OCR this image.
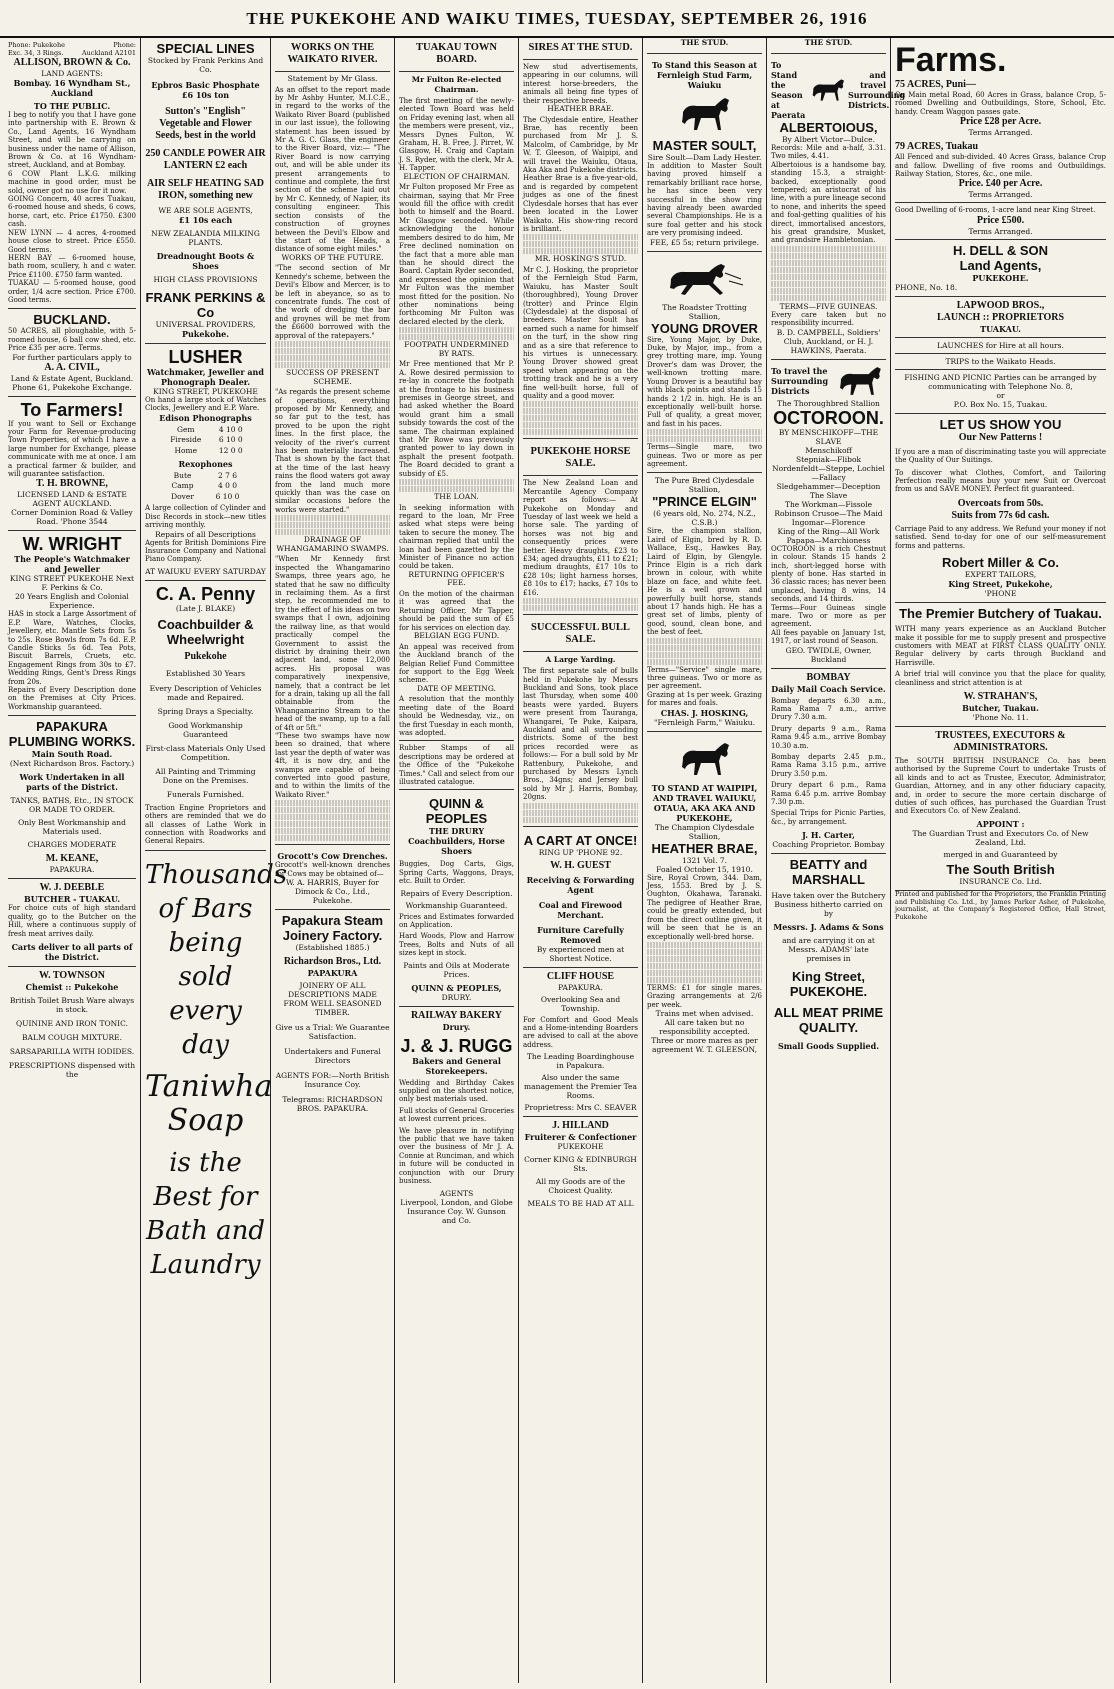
THE PUKEKOHE AND WAIKU TIMES, TUESDAY, SEPTEMBER 26, 1916
Phone: Pukekohe Exc. 34, 3 Rings.
Phone: Auckland A2101
ALLISON, BROWN & Co.
LAND AGENTS:
Bombay. 16 Wyndham St., Auckland
TO THE PUBLIC.
I beg to notify you that I have gone into partnership with E. Brown & Co., Land Agents, 16 Wyndham Street, and will be carrying on business under the name of Allison, Brown & Co. at 16 Wyndham-street, Auckland, and at Bombay.
6 COW Plant L.K.G. milking machine in good order, must be sold, owner got no use for it now.
GOING Concern, 40 acres Tuakau, 6-roomed house and sheds, 6 cows, horse, cart, etc. Price £1750. £300 cash.
NEW LYNN — 4 acres, 4-roomed house close to street. Price £550. Good terms.
HERN BAY — 6-roomed house, bath room, scullery, h and c water. Price £1100. £750 farm wanted.
TUAKAU — 5-roomed house, good order, 1/4 acre section. Price £700. Good terms.
BUCKLAND.
50 ACRES, all ploughable, with 5-roomed house, 6 ball cow shed, etc. Price £35 per acre. Terms.
For further particulars apply to
A. A. CIVIL,
Land & Estate Agent, Buckland.
Phone 61, Pukekohe Exchange.
To Farmers!
If you want to Sell or Exchange your Farm for Revenue-producing Town Properties, of which I have a large number for Exchange, please communicate with me at once. I am a practical farmer & builder, and will guarantee satisfaction.
T. H. BROWNE,
LICENSED LAND & ESTATE AGENT AUCKLAND.
Corner Dominion Road & Valley Road. 'Phone 3544
W. WRIGHT
The People's Watchmaker and Jeweller
KING STREET PUKEKOHE Next F. Perkins & Co.
20 Years English and Colonial Experience.
HAS in stock a Large Assortment of E.P. Ware, Watches, Clocks, Jewellery, etc. Mantle Sets from 5s to 25s. Rose Bowls from 7s 6d. E.P. Candle Sticks 5s 6d. Tea Pots, Biscuit Barrels, Cruets, etc. Engagement Rings from 30s to £7. Wedding Rings, Gent's Dress Rings from 20s.
Repairs of Every Description done on the Premises at City Prices. Workmanship guaranteed.
PAPAKURA PLUMBING WORKS.
Main South Road.
(Next Richardson Bros. Factory.)
Work Undertaken in all parts of the District.
TANKS, BATHS, Etc., IN STOCK OR MADE TO ORDER.
Only Best Workmanship and Materials used.
CHARGES MODERATE
M. KEANE,
PAPAKURA.
W. J. DEEBLE
BUTCHER - TUAKAU.
For choice cuts of high standard quality, go to the Butcher on the Hill, where a continuous supply of fresh meat arrives daily.
Carts deliver to all parts of the District.
W. TOWNSON
Chemist :: Pukekohe
British Toilet Brush Ware always in stock.
QUININE AND IRON TONIC.
BALM COUGH MIXTURE.
SARSAPARILLA WITH IODIDES.
PRESCRIPTIONS dispensed with the
SPECIAL LINES
Stocked by Frank Perkins And Co.
Epbros Basic Phosphate £6 10s ton
Sutton's "English" Vegetable and Flower Seeds, best in the world
250 CANDLE POWER AIR LANTERN £2 each
AIR SELF HEATING SAD IRON, something new
WE ARE SOLE AGENTS,
£1 10s each
NEW ZEALANDIA MILKING PLANTS.
Dreadnought Boots & Shoes
HIGH CLASS PROVISIONS
FRANK PERKINS & Co
UNIVERSAL PROVIDERS,
Pukekohe.
LUSHER
Watchmaker, Jeweller and Phonograph Dealer.
KING STREET, PUKEKOHE
On hand a large stock of Watches Clocks, Jewellery and E.P. Ware.
Edison Phonographs
Gem	4 10 0
Fireside	6 10 0
Home	12 0 0
Rexophones
Bute	2 7 6
Camp	4 0 0
Dover	6 10 0
A large collection of Cylinder and Disc Records in stock—new titles arriving monthly.
Repairs of all Descriptions
Agents for British Dominions Fire Insurance Company and National Piano Company.
AT WAIUKU EVERY SATURDAY
C. A. Penny
(Late J. BLAKE)
Coachbuilder & Wheelwright
Pukekohe
Established 30 Years
Every Description of Vehicles made and Repaired.
Spring Drays a Specialty.
Good Workmanship Guaranteed
First-class Materials Only Used
Competition.
All Painting and Trimming Done on the Premises.
Funerals Furnished.
Traction Engine Proprietors and others are reminded that we do all classes of Lathe Work in connection with Roadworks and General Repairs.
Thousands of Bars being sold every day
Taniwha Soap
is the Best for Bath and Laundry
WORKS ON THE WAIKATO RIVER.
Statement by Mr Glass.
As an offset to the report made by Mr Ashby Hunter, M.I.C.E., in regard to the works of the Waikato River Board (published in our last issue), the following statement has been issued by Mr A. G. C. Glass, the engineer to the River Board, viz:— "The River Board is now carrying out, and will be able under its present arrangements to continue and complete, the first section of the scheme laid out by Mr C. Kennedy, of Napier, its consulting engineer. This section consists of the construction of groynes between the Devil's Elbow and the start of the Heads, a distance of some eight miles."
WORKS OF THE FUTURE.
"The second section of Mr Kennedy's scheme, between the Devil's Elbow and Mercer, is to be left in abeyance, so as to concentrate funds. The cost of the work of dredging the bar and groynes will be met from the £6600 borrowed with the approval of the ratepayers."
SUCCESS OF PRESENT SCHEME.
"As regards the present scheme of operations, everything proposed by Mr Kennedy, and so far put to the test, has proved to be upon the right lines. In the first place, the velocity of the river's current has been materially increased. That is shown by the fact that at the time of the last heavy rains the flood waters got away from the land much more quickly than was the case on similar occasions before the works were started."
DRAINAGE OF WHANGAMARINO SWAMPS.
"When Mr Kennedy first inspected the Whangamarino Swamps, three years ago, he stated that he saw no difficulty in reclaiming them. As a first step, he recommended me to try the effect of his ideas on two swamps that I own, adjoining the railway line, as that would practically compel the Government to assist the district by draining their own adjacent land, some 12,000 acres. His proposal was comparatively inexpensive, namely, that a contract be let for a drain, taking up all the fall obtainable from the Whangamarino Stream to the head of the swamp, up to a fall of 4ft or 5ft."
"These two swamps have now been so drained, that where last year the depth of water was 4ft, it is now dry, and the swamps are capable of being converted into good pasture, and to within the limits of the Waikato River."
Grocott's Cow Drenches.
Grocott's well-known drenches for Cows may be obtained of—
W. A. HARRIS, Buyer for Dimock & Co., Ltd., Pukekohe.
Papakura Steam Joinery Factory.
(Established 1885.)
Richardson Bros., Ltd.
PAPAKURA
JOINERY OF ALL DESCRIPTIONS MADE FROM WELL SEASONED TIMBER.
Give us a Trial: We Guarantee Satisfaction.
Undertakers and Funeral Directors
AGENTS FOR:—North British Insurance Coy.
Telegrams: RICHARDSON BROS. PAPAKURA.
TUAKAU TOWN BOARD.
Mr Fulton Re-elected Chairman.
The first meeting of the newly-elected Town Board was held on Friday evening last, when all the members were present, viz., Messrs Dynes Fulton, W. Graham, H. B. Free, J. Pirret, W. Glasgow, H. Craig and Captain J. S. Ryder, with the clerk, Mr A. H. Tapper.
ELECTION OF CHAIRMAN.
Mr Fulton proposed Mr Free as chairman, saying that Mr Free would fill the office with credit both to himself and the Board. Mr Glasgow seconded. While acknowledging the honour members desired to do him, Mr Free declined nomination on the fact that a more able man than he should direct the Board. Captain Ryder seconded, and expressed the opinion that Mr Fulton was the member most fitted for the position. No other nominations being forthcoming Mr Fulton was declared elected by the clerk.
FOOTPATH UNDERMINED BY RATS.
Mr Free mentioned that Mr P. A. Rowe desired permission to re-lay in concrete the footpath at the frontage to his business premises in George street, and had asked whether the Board would grant him a small subsidy towards the cost of the same. The chairman explained that Mr Rowe was previously granted power to lay down in asphalt the present footpath. The Board decided to grant a subsidy of £5.
THE LOAN.
In seeking information with regard to the loan, Mr Free asked what steps were being taken to secure the money. The chairman replied that until the loan had been gazetted by the Minister of Finance no action could be taken.
RETURNING OFFICER'S FEE.
On the motion of the chairman it was agreed that the Returning Officer, Mr Tapper, should be paid the sum of £5 for his services on election day.
BELGIAN EGG FUND.
An appeal was received from the Auckland branch of the Belgian Relief Fund Committee for support to the Egg Week scheme.
DATE OF MEETING.
A resolution that the monthly meeting date of the Board should be Wednesday, viz., on the first Tuesday in each month, was adopted.
Rubber Stamps of all descriptions may be ordered at the Office of the "Pukekohe Times." Call and select from our illustrated catalogue.
QUINN & PEOPLES
THE DRURY
Coachbuilders, Horse Shoers
Buggies, Dog Carts, Gigs, Spring Carts, Waggons, Drays, etc. Built to Order.
Repairs of Every Description.
Workmanship Guaranteed.
Prices and Estimates forwarded on Application.
Hard Woods, Plow and Harrow Trees, Bolts and Nuts of all sizes kept in stock.
Paints and Oils at Moderate Prices.
QUINN & PEOPLES,
DRURY.
RAILWAY BAKERY
Drury.
J. & J. RUGG
Bakers and General Storekeepers.
Wedding and Birthday Cakes supplied on the shortest notice, only best materials used.
Full stocks of General Groceries at lowest current prices.
We have pleasure in notifying the public that we have taken over the business of Mr J. A. Connie at Runciman, and which in future will be conducted in conjunction with our Drury business.
AGENTS
Liverpool, London, and Globe Insurance Coy. W. Gunson and Co.
SIRES AT THE STUD.
New stud advertisements, appearing in our columns, will interest horse-breeders, the animals all being fine types of their respective breeds.
HEATHER BRAE.
The Clydesdale entire, Heather Brae, has recently been purchased from Mr J. S. Malcolm, of Cambridge, by Mr W. T. Gleeson, of Waipipi, and will travel the Waiuku, Otaua, Aka Aka and Pukekohe districts. Heather Brae is a five-year-old, and is regarded by competent judges as one of the finest Clydesdale horses that has ever been located in the Lower Waikato. His show-ring record is brilliant.
MR. HOSKING'S STUD.
Mr C. J. Hosking, the proprietor of the Fernleigh Stud Farm, Waiuku, has Master Soult (thoroughbred), Young Drover (trotter) and Prince Elgin (Clydesdale) at the disposal of breeders. Master Soult has earned such a name for himself on the turf, in the show ring and as a sire that reference to his virtues is unnecessary. Young Drover showed great speed when appearing on the trotting track and he is a very fine well-built horse, full of quality and a good mover.
PUKEKOHE HORSE SALE.
The New Zealand Loan and Mercantile Agency Company report as follows:— At Pukekohe on Monday and Tuesday of last week we held a horse sale. The yarding of horses was not big and consequently prices were better. Heavy draughts, £23 to £34; aged draughts, £11 to £21; medium draughts, £17 10s to £28 10s; light harness horses, £8 10s to £17; hacks, £7 10s to £16.
SUCCESSFUL BULL SALE.
A Large Yarding.
The first separate sale of bulls held in Pukekohe by Messrs Buckland and Sons, took place last Thursday, when some 400 beasts were yarded. Buyers were present from Tauranga, Whangarei, Te Puke, Kaipara, Auckland and all surrounding districts. Some of the best prices recorded were as follows:— For a bull sold by Mr Rattenbury, Pukekohe, and purchased by Messrs Lynch Bros., 34gns; and Jersey bull sold by Mr J. Harris, Bombay, 20gns.
A CART AT ONCE!
RING UP 'PHONE 92.
W. H. GUEST
Receiving & Forwarding Agent
Coal and Firewood Merchant.
Furniture Carefully Removed
By experienced men at Shortest Notice.
CLIFF HOUSE
PAPAKURA.
Overlooking Sea and Township.
For Comfort and Good Meals and a Home-intending Boarders are advised to call at the above address.
The Leading Boardinghouse in Papakura.
Also under the same management the Premier Tea Rooms.
Proprietress: Mrs C. SEAVER
J. HILLAND
Fruiterer & Confectioner
PUKEKOHE
Corner KING & EDINBURGH Sts.
All my Goods are of the Choicest Quality.
MEALS TO BE HAD AT ALL
THE STUD.
To Stand this Season at Fernleigh Stud Farm, Waiuku
MASTER SOULT,
Sire Soult—Dam Lady Hester.
In addition to Master Soult having proved himself a remarkably brilliant race horse, he has since been very successful in the show ring having already been awarded several Championships. He is a sure foal getter and his stock are very promising indeed.
FEE, £5 5s; return privilege.
The Roadster Trotting Stallion,
YOUNG DROVER
Sire, Young Major, by Duke, Duke, by Major, imp., from a grey trotting mare, imp. Young Drover's dam was Drover, the well-known trotting mare. Young Drover is a beautiful bay with black points and stands 15 hands 2 1/2 in. high. He is an exceptionally well-built horse. Full of quality, a great mover, and fast in his paces.
Terms—Single mare, two guineas. Two or more as per agreement.
The Pure Bred Clydesdale Stallion,
"PRINCE ELGIN"
(6 years old, No. 274, N.Z., C.S.B.)
Sire, the champion stallion, Laird of Elgin, bred by R. D. Wallace, Esq., Hawkes Bay, Laird of Elgin, by Glengyle. Prince Elgin is a rich dark brown in colour, with white blaze on face, and white feet. He is a well grown and powerfully built horse, stands about 17 hands high. He has a great set of limbs, plenty of good, sound, clean bone, and the best of feet.
Terms—"Service" single mare, three guineas. Two or more as per agreement.
Grazing at 1s per week. Grazing for mares and foals.
CHAS. J. HOSKING,
"Fernleigh Farm," Waiuku.
TO STAND AT WAIPIPI, AND TRAVEL WAIUKU, OTAUA, AKA AKA AND PUKEKOHE,
The Champion Clydesdale Stallion,
HEATHER BRAE,
1321 Vol. 7.
Foaled October 15, 1910.
Sire, Royal Crown, 344. Dam, Jess, 1553. Bred by J. S. Oughton, Okahawa, Taranaki. The pedigree of Heather Brae, could be greatly extended, but from the direct outline given, it will be seen that he is an exceptionally well-bred horse.
TERMS: £1 for single mares. Grazing arrangements at 2/6 per week.
Trains met when advised.
All care taken but no responsibility accepted.
Three or more mares as per agreement W. T. GLEESON,
THE STUD.
To Stand the Season at Paerata
and travel Surrounding Districts.
ALBERTOIOUS,
By Albert Victor—Dulce.
Records: Mile and a-half, 3.31. Two miles, 4.41.
Albertoious is a handsome bay, standing 15.3, a straight-backed, exceptionally good tempered; an aristocrat of his line, with a pure lineage second to none, and inherits the speed and foal-getting qualities of his direct, immortalised ancestors, his great grandsire, Musket, and grandsire Hambletonian.
TERMS—FIVE GUINEAS.
Every care taken but no responsibility incurred.
B. D. CAMPBELL, Soldiers' Club, Auckland, or H. J. HAWKINS, Paerata.
To travel the Surrounding Districts
The Thoroughbred Stallion
OCTOROON.
BY MENSCHIKOFF—THE SLAVE
Menschikoff
Stepniak—Flibok
Nordenfeldt—Steppe, Lochiel—Fallacy
Sledgehammer—Deception
The Slave
The Workman—Fissole
Robinson Crusoe—The Maid
Ingomar—Florence
King of the Ring—All Work
Papapa—Marchioness
OCTOROON is a rich Chestnut in colour. Stands 15 hands 2 inch, short-legged horse with plenty of bone. Has started in 36 classic races; has never been unplaced, having 8 wins, 14 seconds, and 14 thirds.
Terms—Four Guineas single mare. Two or more as per agreement.
All fees payable on January 1st, 1917, or last round of Season.
GEO. TWIDLE, Owner, Buckland
BOMBAY
Daily Mail Coach Service.
Bombay departs 6.30 a.m., Rama Rama 7 a.m., arrive Drury 7.30 a.m.
Drury departs 9 a.m., Rama Rama 9.45 a.m., arrive Bombay 10.30 a.m.
Bombay departs 2.45 p.m., Rama Rama 3.15 p.m., arrive Drury 3.50 p.m.
Drury depart 6 p.m., Rama Rama 6.45 p.m. arrive Bombay 7.30 p.m.
Special Trips for Picnic Parties, &c., by arrangement.
J. H. Carter,
Coaching Proprietor. Bombay
BEATTY and MARSHALL
Have taken over the Butchery Business hitherto carried on by
Messrs. J. Adams & Sons
and are carrying it on at Messrs. ADAMS' late premises in
King Street, PUKEKOHE.
ALL MEAT PRIME QUALITY.
Small Goods Supplied.
Farms.
75 ACRES, Puni—
On Main metal Road, 60 Acres in Grass, balance Crop, 5-roomed Dwelling and Outbuildings, Store, School, Etc. handy. Cream Waggon passes gate.
Price £28 per Acre.
Terms Arranged.
79 ACRES, Tuakau
All Fenced and sub-divided. 40 Acres Grass, balance Crop and fallow. Dwelling of five rooms and Outbuildings. Railway Station, Stores, &c., one mile.
Price. £40 per Acre.
Terms Arranged.
Good Dwelling of 6-rooms, 1-acre land near King Street.
Price £500.
Terms Arranged.
H. DELL & SON
Land Agents,
PUKEKOHE.
PHONE, No. 18.
LAPWOOD BROS.,
LAUNCH :: PROPRIETORS
TUAKAU.
LAUNCHES for Hire at all hours.
TRIPS to the Waikato Heads.
FISHING AND PICNIC Parties can be arranged by communicating with Telephone No. 8,
or
P.O. Box No. 15, Tuakau.
LET US SHOW YOU
Our New Patterns !
If you are a man of discriminating taste you will appreciate the Quality of Our Suitings.
To discover what Clothes, Comfort, and Tailoring Perfection really means buy your new Suit or Overcoat from us and SAVE MONEY. Perfect fit guaranteed.
Overcoats from 50s.
Suits from 77s 6d cash.
Carriage Paid to any address. We Refund your money if not satisfied. Send to-day for one of our self-measurement forms and patterns.
Robert Miller & Co.
EXPERT TAILORS,
King Street, Pukekohe,
'PHONE
The Premier Butchery of Tuakau.
WITH many years experience as an Auckland Butcher make it possible for me to supply present and prospective customers with MEAT at FIRST CLASS QUALITY ONLY. Regular delivery by carts through Buckland and Harrisville.
A brief trial will convince you that the place for quality, cleanliness and strict attention is at
W. STRAHAN'S,
Butcher, Tuakau.
'Phone No. 11.
TRUSTEES, EXECUTORS & ADMINISTRATORS.
The SOUTH BRITISH INSURANCE Co. has been authorised by the Supreme Court to undertake Trusts of all kinds and to act as Trustee, Executor, Administrator, Guardian, Attorney, and in any other fiduciary capacity, and, in order to secure the more certain discharge of duties of such offices, has purchased the Guardian Trust and Executors Co. of New Zealand.
APPOINT :
The Guardian Trust and Executors Co. of New Zealand, Ltd.
merged in and Guaranteed by
The South British
INSURANCE Co. Ltd.
Printed and published for the Proprietors, the Franklin Printing and Publishing Co. Ltd., by James Parker Asher, of Pukekohe, journalist, at the Company's Registered Office, Hall Street, Pukekohe
